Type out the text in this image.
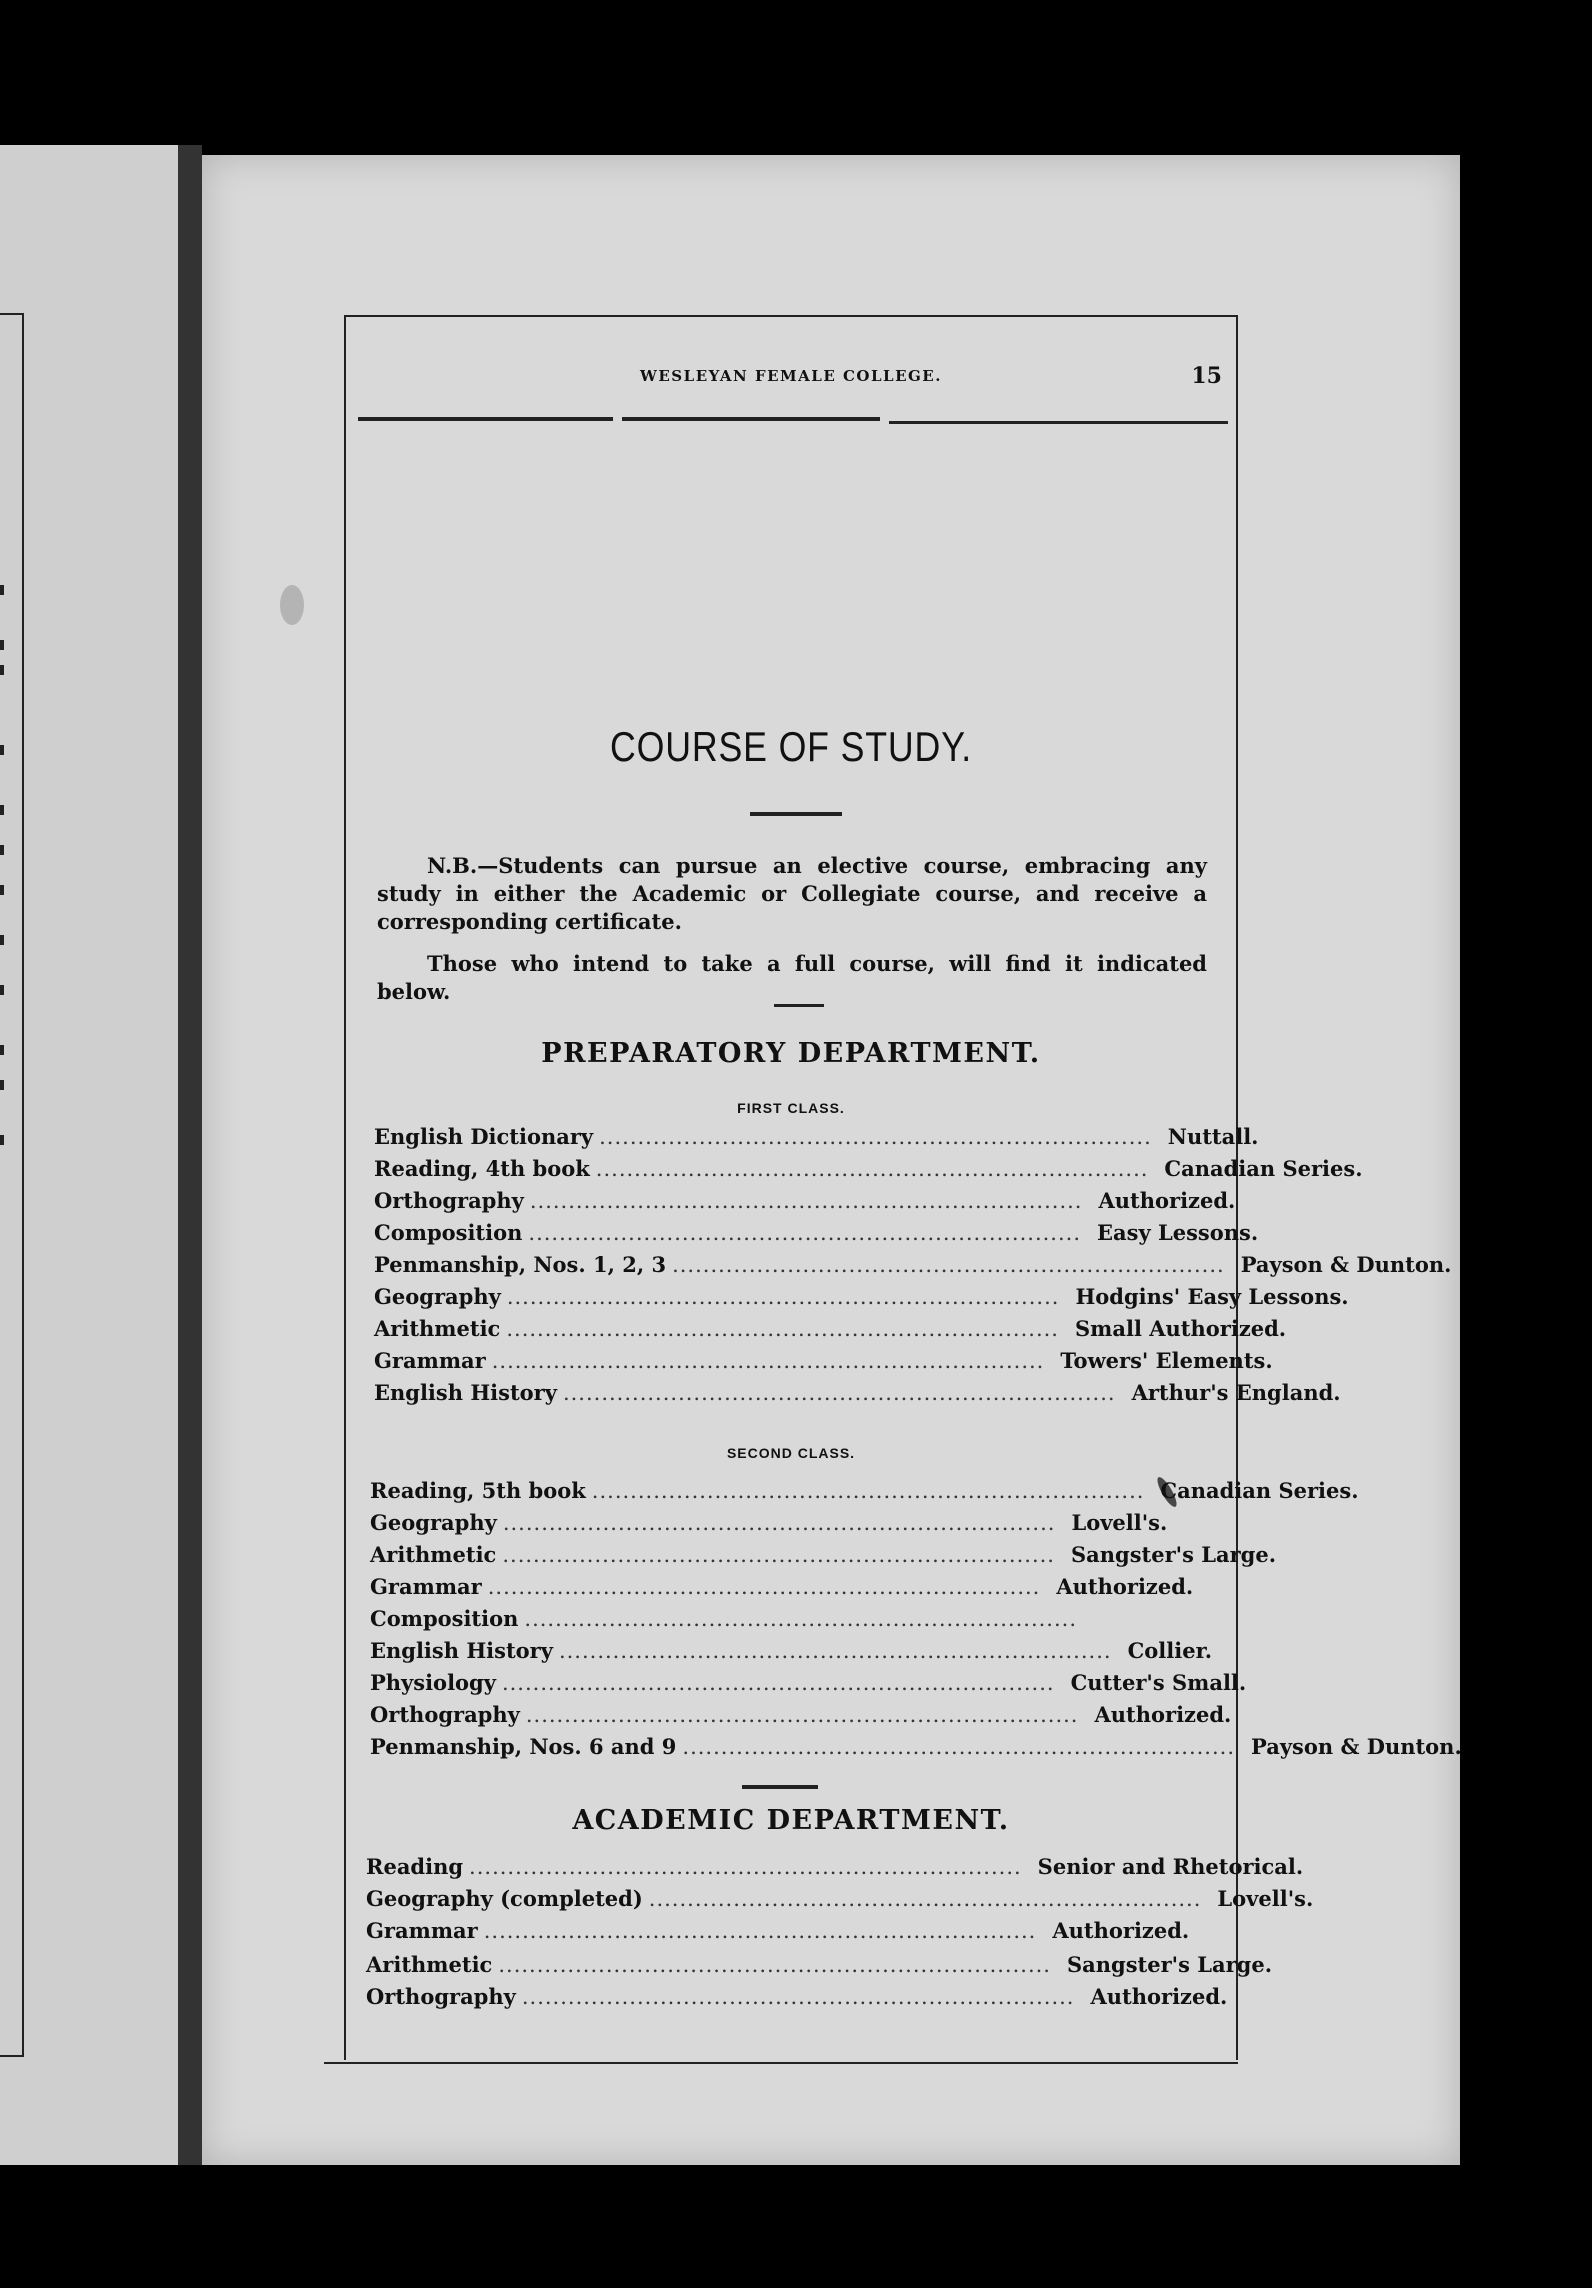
WESLEYAN FEMALE COLLEGE.	15
COURSE OF STUDY.

N.B.—Students can pursue an elective course, embracing any study in either the Academic or Collegiate course, and receive a corresponding certificate.

Those who intend to take a full course, will find it indicated below.

PREPARATORY DEPARTMENT.
FIRST CLASS.
English Dictionary ........................................................................ Nuttall.
Reading, 4th book ........................................................................ Canadian Series.
Orthography ........................................................................ Authorized.
Composition ........................................................................ Easy Lessons.
Penmanship, Nos. 1, 2, 3 ........................................................................ Payson & Dunton.
Geography ........................................................................ Hodgins' Easy Lessons.
Arithmetic ........................................................................ Small Authorized.
Grammar ........................................................................ Towers' Elements.
English History ........................................................................ Arthur's England.
SECOND CLASS.
Reading, 5th book ........................................................................ Canadian Series.
Geography ........................................................................ Lovell's.
Arithmetic ........................................................................ Sangster's Large.
Grammar ........................................................................ Authorized.
Composition ........................................................................
English History ........................................................................ Collier.
Physiology ........................................................................ Cutter's Small.
Orthography ........................................................................ Authorized.
Penmanship, Nos. 6 and 9 ........................................................................ Payson & Dunton.
ACADEMIC DEPARTMENT.
Reading ........................................................................ Senior and Rhetorical.
Geography (completed) ........................................................................ Lovell's.
Grammar ........................................................................ Authorized.
Arithmetic ........................................................................ Sangster's Large.
Orthography ........................................................................ Authorized.
